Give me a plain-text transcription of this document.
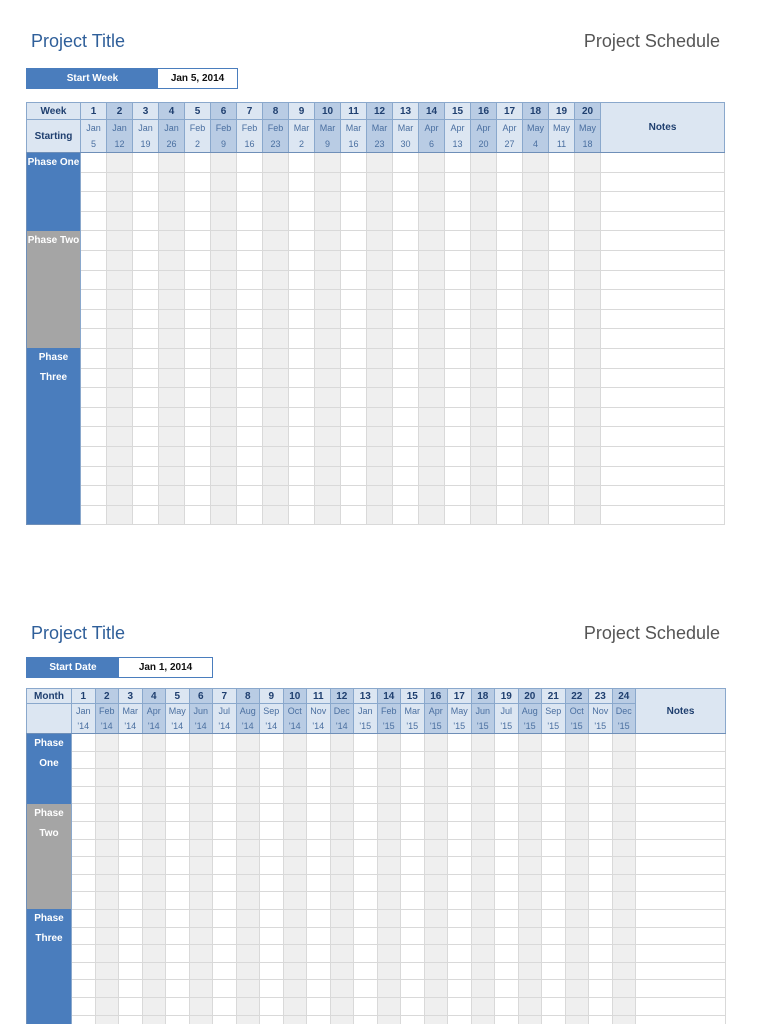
Project Title	Project Schedule
Start Week	Jan 5, 2014
Week	1	2	3	4	5	6	7	8	9	10	11	12	13	14	15	16	17	18	19	20	Notes
Starting	Jan	Jan	Jan	Jan	Feb	Feb	Feb	Feb	Mar	Mar	Mar	Mar	Mar	Apr	Apr	Apr	Apr	May	May	May	
	5	12	19	26	2	9	16	23	2	9	16	23	30	6	13	20	27	4	11	18	
Phase One																					

Phase Two																					

Phase Three																					

Project Title	Project Schedule
Start Date	Jan 1, 2014
Month	1	2	3	4	5	6	7	8	9	10	11	12	13	14	15	16	17	18	19	20	21	22	23	24	Notes
	Jan	Feb	Mar	Apr	May	Jun	Jul	Aug	Sep	Oct	Nov	Dec	Jan	Feb	Mar	Apr	May	Jun	Jul	Aug	Sep	Oct	Nov	Dec	
	'14	'14	'14	'14	'14	'14	'14	'14	'14	'14	'14	'14	'15	'15	'15	'15	'15	'15	'15	'15	'15	'15	'15	'15	
Phase One																									

Phase Two																									

Phase Three																									
